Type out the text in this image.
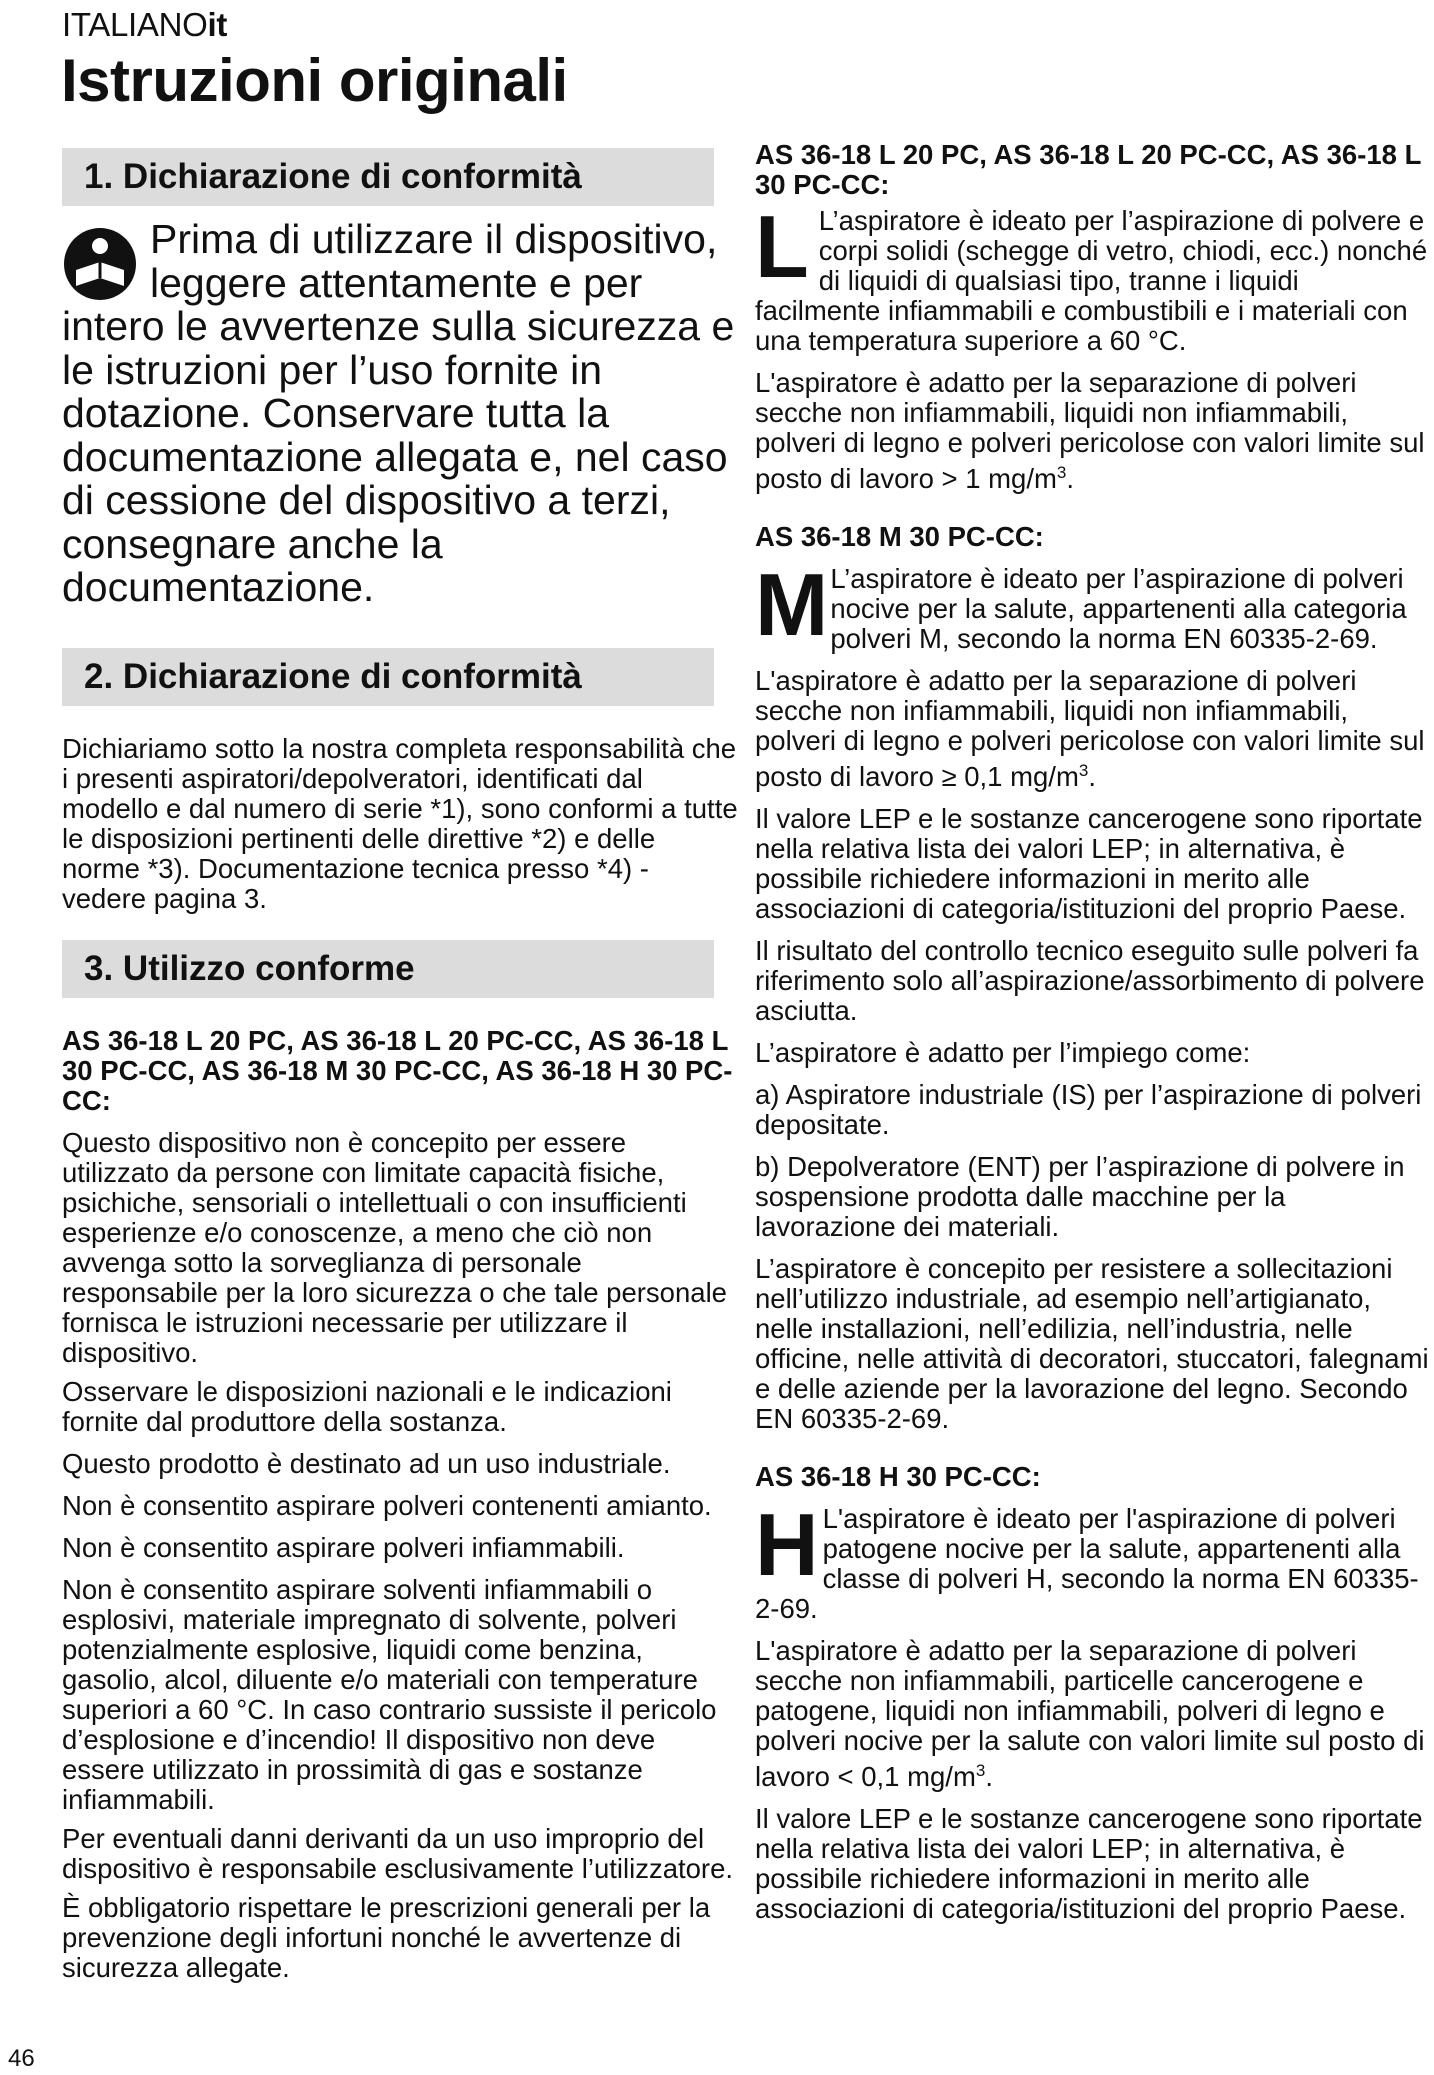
ITALIANOit
Istruzioni originali
1. Dichiarazione di conformità
Prima di utilizzare il dispositivo, leggere attentamente e per intero le avvertenze sulla sicurezza e le istruzioni per l’uso fornite in dotazione. Conservare tutta la documentazione allegata e, nel caso di cessione del dispositivo a terzi, consegnare anche la documentazione.
2. Dichiarazione di conformità

Dichiariamo sotto la nostra completa responsabilità che i presenti aspiratori/depolveratori, identificati dal modello e dal numero di serie *1), sono conformi a tutte le disposizioni pertinenti delle direttive *2) e delle norme *3). Documentazione tecnica presso *4) - vedere pagina 3.

3. Utilizzo conforme

AS 36-18 L 20 PC, AS 36-18 L 20 PC-CC, AS 36-18 L 30 PC-CC, AS 36-18 M 30 PC-CC, AS 36-18 H 30 PC-CC:

Questo dispositivo non è concepito per essere utilizzato da persone con limitate capacità fisiche, psichiche, sensoriali o intellettuali o con insufficienti esperienze e/o conoscenze, a meno che ciò non avvenga sotto la sorveglianza di personale responsabile per la loro sicurezza o che tale personale fornisca le istruzioni necessarie per utilizzare il dispositivo.

Osservare le disposizioni nazionali e le indicazioni fornite dal produttore della sostanza.

Questo prodotto è destinato ad un uso industriale.

Non è consentito aspirare polveri contenenti amianto.

Non è consentito aspirare polveri infiammabili.

Non è consentito aspirare solventi infiammabili o esplosivi, materiale impregnato di solvente, polveri potenzialmente esplosive, liquidi come benzina, gasolio, alcol, diluente e/o materiali con temperature superiori a 60 °C. In caso contrario sussiste il pericolo d’esplosione e d’incendio! Il dispositivo non deve essere utilizzato in prossimità di gas e sostanze infiammabili.

Per eventuali danni derivanti da un uso improprio del dispositivo è responsabile esclusivamente l’utilizzatore.

È obbligatorio rispettare le prescrizioni generali per la prevenzione degli infortuni nonché le avvertenze di sicurezza allegate.

AS 36-18 L 20 PC, AS 36-18 L 20 PC-CC, AS 36-18 L 30 PC-CC:

L L’aspiratore è ideato per l’aspirazione di polvere e corpi solidi (schegge di vetro, chiodi, ecc.) nonché di liquidi di qualsiasi tipo, tranne i liquidi facilmente infiammabili e combustibili e i materiali con una temperatura superiore a 60 °C.

L'aspiratore è adatto per la separazione di polveri secche non infiammabili, liquidi non infiammabili, polveri di legno e polveri pericolose con valori limite sul posto di lavoro > 1 $mg/m^3$.

AS 36-18 M 30 PC-CC:

M L’aspiratore è ideato per l’aspirazione di polveri nocive per la salute, appartenenti alla categoria polveri M, secondo la norma EN 60335-2-69.

L'aspiratore è adatto per la separazione di polveri secche non infiammabili, liquidi non infiammabili, polveri di legno e polveri pericolose con valori limite sul posto di lavoro ≥ 0,1 $mg/m^3$.

Il valore LEP e le sostanze cancerogene sono riportate nella relativa lista dei valori LEP; in alternativa, è possibile richiedere informazioni in merito alle associazioni di categoria/istituzioni del proprio Paese.

Il risultato del controllo tecnico eseguito sulle polveri fa riferimento solo all’aspirazione/assorbimento di polvere asciutta.

L’aspiratore è adatto per l’impiego come:

a) Aspiratore industriale (IS) per l’aspirazione di polveri depositate.

b) Depolveratore (ENT) per l’aspirazione di polvere in sospensione prodotta dalle macchine per la lavorazione dei materiali.

L’aspiratore è concepito per resistere a sollecitazioni nell’utilizzo industriale, ad esempio nell’artigianato, nelle installazioni, nell’edilizia, nell’industria, nelle officine, nelle attività di decoratori, stuccatori, falegnami e delle aziende per la lavorazione del legno. Secondo EN 60335-2-69.

AS 36-18 H 30 PC-CC:

H L'aspiratore è ideato per l'aspirazione di polveri patogene nocive per la salute, appartenenti alla classe di polveri H, secondo la norma EN 60335-2-69.

L'aspiratore è adatto per la separazione di polveri secche non infiammabili, particelle cancerogene e patogene, liquidi non infiammabili, polveri di legno e polveri nocive per la salute con valori limite sul posto di lavoro < 0,1 $mg/m^3$.

Il valore LEP e le sostanze cancerogene sono riportate nella relativa lista dei valori LEP; in alternativa, è possibile richiedere informazioni in merito alle associazioni di categoria/istituzioni del proprio Paese.

46
